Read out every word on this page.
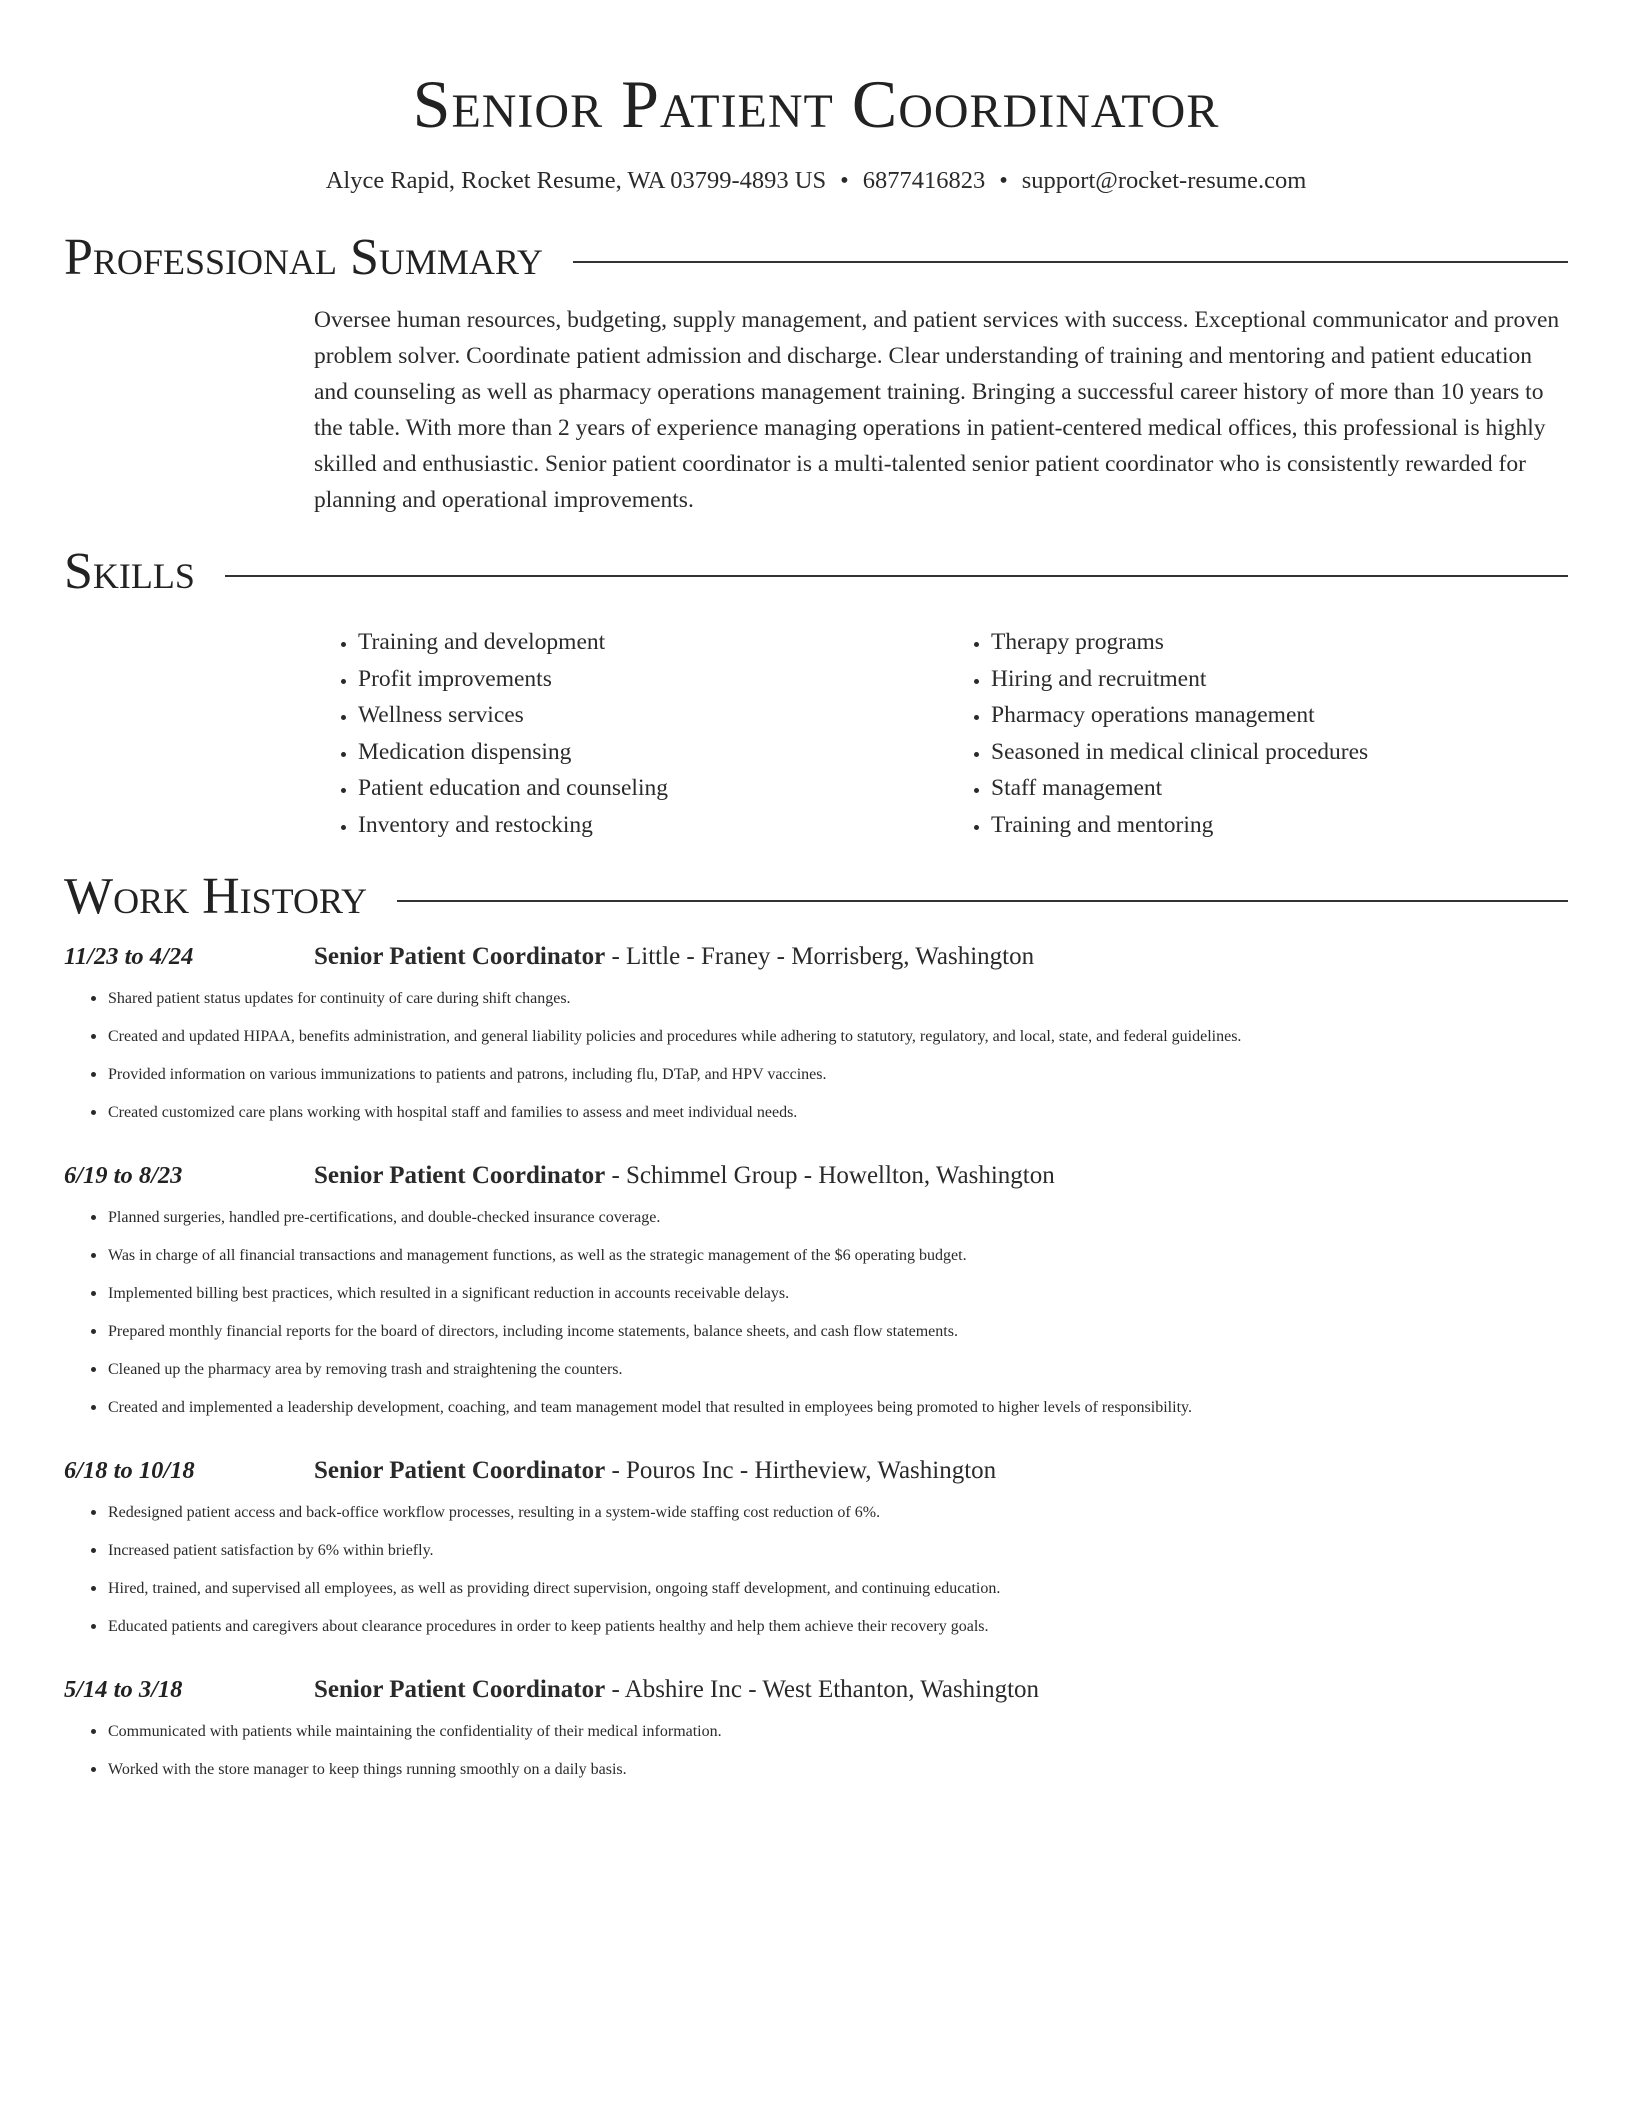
Senior Patient Coordinator
Alyce Rapid, Rocket Resume, WA 03799-4893 US • 6877416823 • support@rocket-resume.com
Professional Summary

Oversee human resources, budgeting, supply management, and patient services with success. Exceptional communicator and proven problem solver. Coordinate patient admission and discharge. Clear understanding of training and mentoring and patient education and counseling as well as pharmacy operations management training. Bringing a successful career history of more than 10 years to the table. With more than 2 years of experience managing operations in patient-centered medical offices, this professional is highly skilled and enthusiastic. Senior patient coordinator is a multi-talented senior patient coordinator who is consistently rewarded for planning and operational improvements.

Skills
• Training and development
• Profit improvements
• Wellness services
• Medication dispensing
• Patient education and counseling
• Inventory and restocking
• Therapy programs
• Hiring and recruitment
• Pharmacy operations management
• Seasoned in medical clinical procedures
• Staff management
• Training and mentoring
Work History
11/23 to 4/24	Senior Patient Coordinator - Little - Franey - Morrisberg, Washington
• Shared patient status updates for continuity of care during shift changes.
• Created and updated HIPAA, benefits administration, and general liability policies and procedures while adhering to statutory, regulatory, and local, state, and federal guidelines.
• Provided information on various immunizations to patients and patrons, including flu, DTaP, and HPV vaccines.
• Created customized care plans working with hospital staff and families to assess and meet individual needs.
6/19 to 8/23	Senior Patient Coordinator - Schimmel Group - Howellton, Washington
• Planned surgeries, handled pre-certifications, and double-checked insurance coverage.
• Was in charge of all financial transactions and management functions, as well as the strategic management of the $6 operating budget.
• Implemented billing best practices, which resulted in a significant reduction in accounts receivable delays.
• Prepared monthly financial reports for the board of directors, including income statements, balance sheets, and cash flow statements.
• Cleaned up the pharmacy area by removing trash and straightening the counters.
• Created and implemented a leadership development, coaching, and team management model that resulted in employees being promoted to higher levels of responsibility.
6/18 to 10/18	Senior Patient Coordinator - Pouros Inc - Hirtheview, Washington
• Redesigned patient access and back-office workflow processes, resulting in a system-wide staffing cost reduction of 6%.
• Increased patient satisfaction by 6% within briefly.
• Hired, trained, and supervised all employees, as well as providing direct supervision, ongoing staff development, and continuing education.
• Educated patients and caregivers about clearance procedures in order to keep patients healthy and help them achieve their recovery goals.
5/14 to 3/18	Senior Patient Coordinator - Abshire Inc - West Ethanton, Washington
• Communicated with patients while maintaining the confidentiality of their medical information.
• Worked with the store manager to keep things running smoothly on a daily basis.
